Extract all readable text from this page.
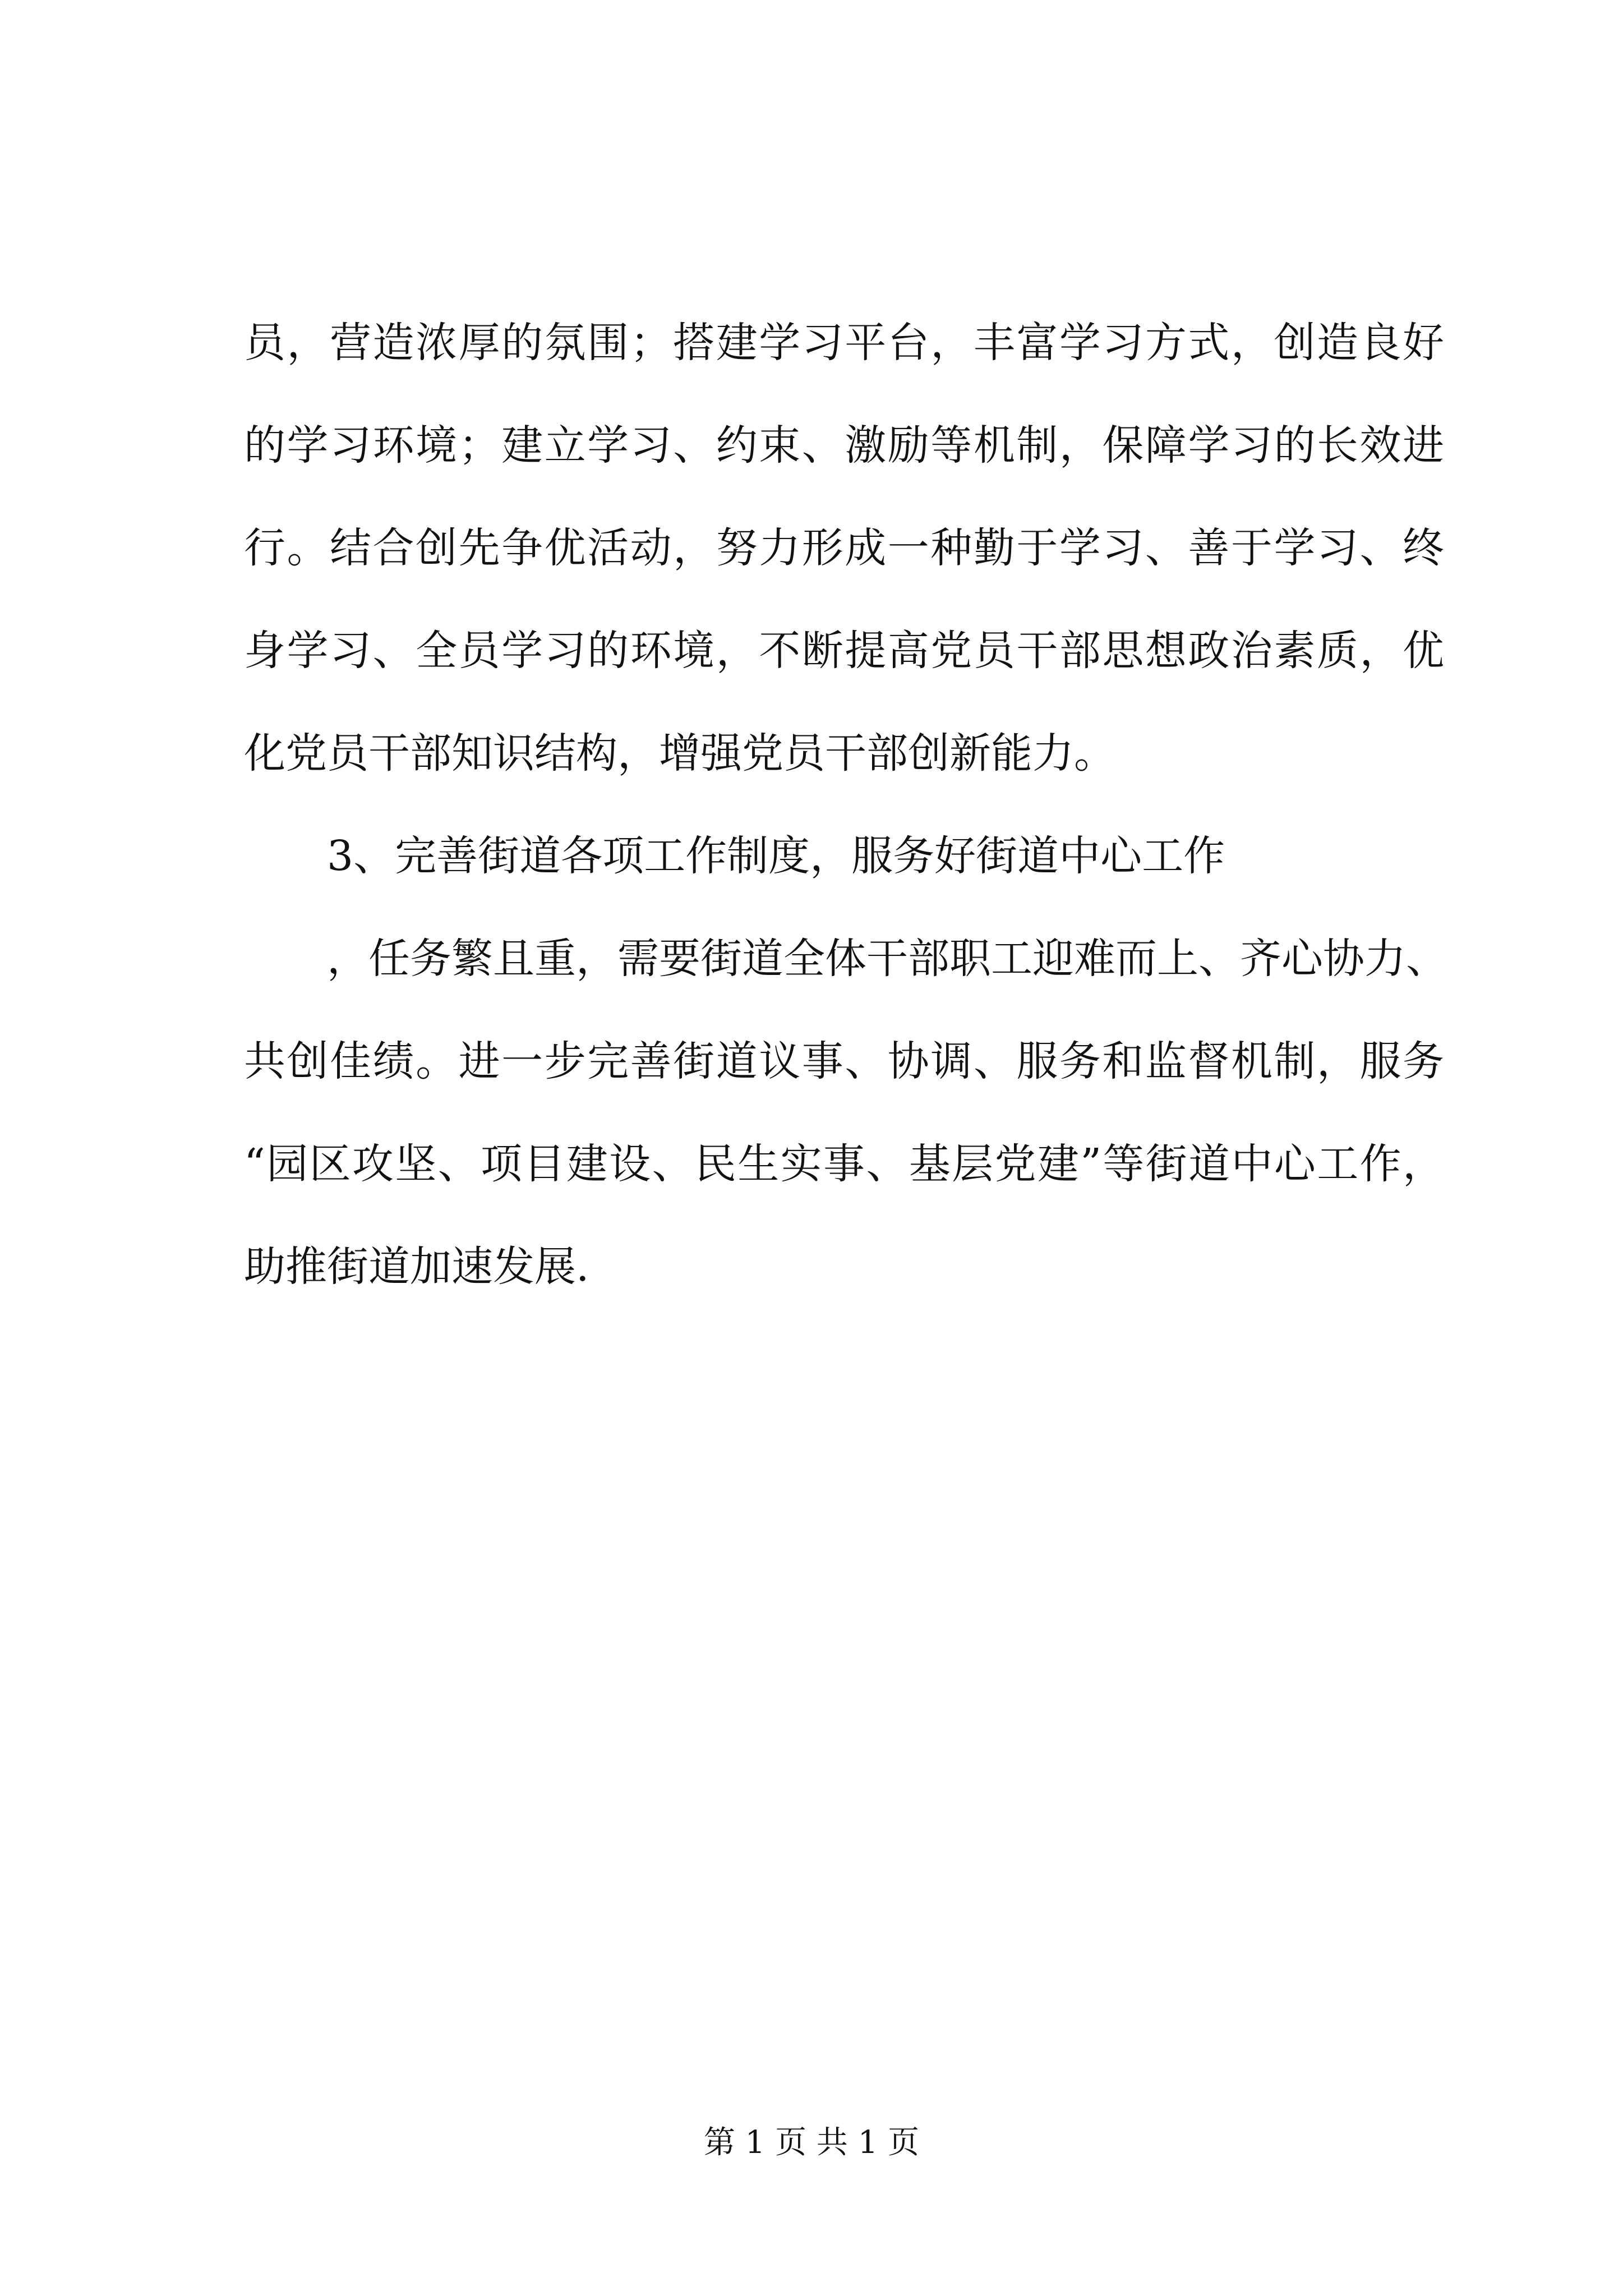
员，营造浓厚的氛围；搭建学习平台，丰富学习方式，创造良好
的学习环境；建立学习、约束、激励等机制，保障学习的长效进
行。结合创先争优活动，努力形成一种勤于学习、善于学习、终
身学习、全员学习的环境，不断提高党员干部思想政治素质，优
化党员干部知识结构，增强党员干部创新能力。
3、完善街道各项工作制度，服务好街道中心工作
，任务繁且重，需要街道全体干部职工迎难而上、齐心协力、
共创佳绩。进一步完善街道议事、协调、服务和监督机制，服务
“园区攻坚、项目建设、民生实事、基层党建”等街道中心工作，
助推街道加速发展.
第 1 页 共 1 页
